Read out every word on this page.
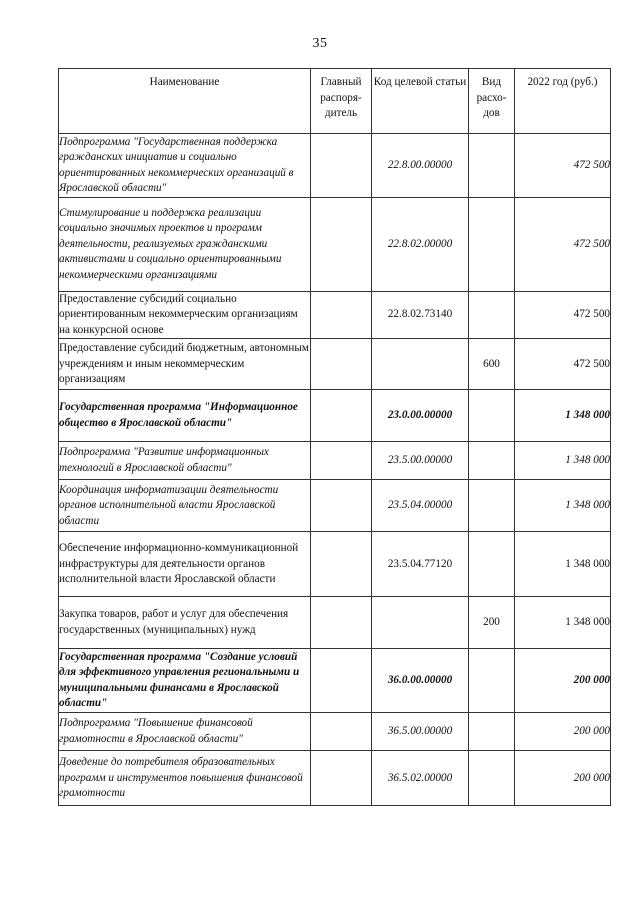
35
Наименование	Главный распоря-дитель	Код целевой статьи	Вид расхо-дов	2022 год (руб.)
Подпрограмма "Государственная поддержка гражданских инициатив и социально ориентированных некоммерческих организаций в Ярославской области"		22.8.00.00000		472 500
Стимулирование и поддержка реализации социально значимых проектов и программ деятельности, реализуемых гражданскими активистами и социально ориентированными некоммерческими организациями		22.8.02.00000		472 500
Предоставление субсидий социально ориентированным некоммерческим организациям на конкурсной основе		22.8.02.73140		472 500
Предоставление субсидий бюджетным, автономным учреждениям и иным некоммерческим организациям			600	472 500
Государственная программа "Информационное общество в Ярославской области"		23.0.00.00000		1 348 000
Подпрограмма "Развитие информационных технологий в Ярославской области"		23.5.00.00000		1 348 000
Координация информатизации деятельности органов исполнительной власти Ярославской области		23.5.04.00000		1 348 000
Обеспечение информационно-коммуникационной инфраструктуры для деятельности органов исполнительной власти Ярославской области		23.5.04.77120		1 348 000
Закупка товаров, работ и услуг для обеспечения государственных (муниципальных) нужд			200	1 348 000
Государственная программа "Создание условий для эффективного управления региональными и муниципальными финансами в Ярославской области"		36.0.00.00000		200 000
Подпрограмма "Повышение финансовой грамотности в Ярославской области"		36.5.00.00000		200 000
Доведение до потребителя образовательных программ и инструментов повышения финансовой грамотности		36.5.02.00000		200 000
